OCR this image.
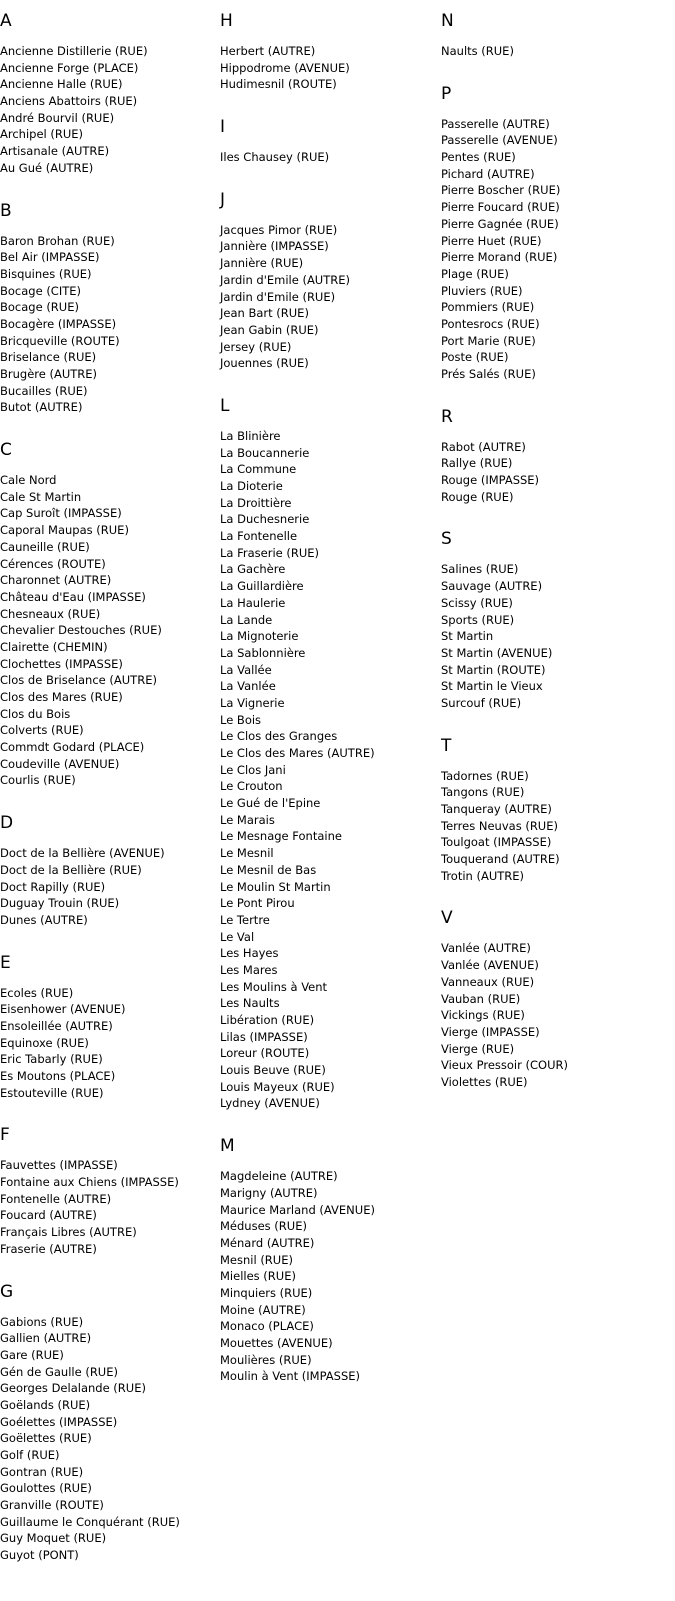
A
Ancienne Distillerie (RUE)
Ancienne Forge (PLACE)
Ancienne Halle (RUE)
Anciens Abattoirs (RUE)
André Bourvil (RUE)
Archipel (RUE)
Artisanale (AUTRE)
Au Gué (AUTRE)
B
Baron Brohan (RUE)
Bel Air (IMPASSE)
Bisquines (RUE)
Bocage (CITE)
Bocage (RUE)
Bocagère (IMPASSE)
Bricqueville (ROUTE)
Briselance (RUE)
Brugère (AUTRE)
Bucailles (RUE)
Butot (AUTRE)
C
Cale Nord
Cale St Martin
Cap Suroît (IMPASSE)
Caporal Maupas (RUE)
Cauneille (RUE)
Cérences (ROUTE)
Charonnet (AUTRE)
Château d'Eau (IMPASSE)
Chesneaux (RUE)
Chevalier Destouches (RUE)
Clairette (CHEMIN)
Clochettes (IMPASSE)
Clos de Briselance (AUTRE)
Clos des Mares (RUE)
Clos du Bois
Colverts (RUE)
Commdt Godard (PLACE)
Coudeville (AVENUE)
Courlis (RUE)
D
Doct de la Bellière (AVENUE)
Doct de la Bellière (RUE)
Doct Rapilly (RUE)
Duguay Trouin (RUE)
Dunes (AUTRE)
E
Ecoles (RUE)
Eisenhower (AVENUE)
Ensoleillée (AUTRE)
Equinoxe (RUE)
Eric Tabarly (RUE)
Es Moutons (PLACE)
Estouteville (RUE)
F
Fauvettes (IMPASSE)
Fontaine aux Chiens (IMPASSE)
Fontenelle (AUTRE)
Foucard (AUTRE)
Français Libres (AUTRE)
Fraserie (AUTRE)
G
Gabions (RUE)
Gallien (AUTRE)
Gare (RUE)
Gén de Gaulle (RUE)
Georges Delalande (RUE)
Goëlands (RUE)
Goélettes (IMPASSE)
Goëlettes (RUE)
Golf (RUE)
Gontran (RUE)
Goulottes (RUE)
Granville (ROUTE)
Guillaume le Conquérant (RUE)
Guy Moquet (RUE)
Guyot (PONT)
H
Herbert (AUTRE)
Hippodrome (AVENUE)
Hudimesnil (ROUTE)
I
Iles Chausey (RUE)
J
Jacques Pimor (RUE)
Jannière (IMPASSE)
Jannière (RUE)
Jardin d'Emile (AUTRE)
Jardin d'Emile (RUE)
Jean Bart (RUE)
Jean Gabin (RUE)
Jersey (RUE)
Jouennes (RUE)
L
La Blinière
La Boucannerie
La Commune
La Dioterie
La Droittière
La Duchesnerie
La Fontenelle
La Fraserie (RUE)
La Gachère
La Guillardière
La Haulerie
La Lande
La Mignoterie
La Sablonnière
La Vallée
La Vanlée
La Vignerie
Le Bois
Le Clos des Granges
Le Clos des Mares (AUTRE)
Le Clos Jani
Le Crouton
Le Gué de l'Epine
Le Marais
Le Mesnage Fontaine
Le Mesnil
Le Mesnil de Bas
Le Moulin St Martin
Le Pont Pirou
Le Tertre
Le Val
Les Hayes
Les Mares
Les Moulins à Vent
Les Naults
Libération (RUE)
Lilas (IMPASSE)
Loreur (ROUTE)
Louis Beuve (RUE)
Louis Mayeux (RUE)
Lydney (AVENUE)
M
Magdeleine (AUTRE)
Marigny (AUTRE)
Maurice Marland (AVENUE)
Méduses (RUE)
Ménard (AUTRE)
Mesnil (RUE)
Mielles (RUE)
Minquiers (RUE)
Moine (AUTRE)
Monaco (PLACE)
Mouettes (AVENUE)
Moulières (RUE)
Moulin à Vent (IMPASSE)
N
Naults (RUE)
P
Passerelle (AUTRE)
Passerelle (AVENUE)
Pentes (RUE)
Pichard (AUTRE)
Pierre Boscher (RUE)
Pierre Foucard (RUE)
Pierre Gagnée (RUE)
Pierre Huet (RUE)
Pierre Morand (RUE)
Plage (RUE)
Pluviers (RUE)
Pommiers (RUE)
Pontesrocs (RUE)
Port Marie (RUE)
Poste (RUE)
Prés Salés (RUE)
R
Rabot (AUTRE)
Rallye (RUE)
Rouge (IMPASSE)
Rouge (RUE)
S
Salines (RUE)
Sauvage (AUTRE)
Scissy (RUE)
Sports (RUE)
St Martin
St Martin (AVENUE)
St Martin (ROUTE)
St Martin le Vieux
Surcouf (RUE)
T
Tadornes (RUE)
Tangons (RUE)
Tanqueray (AUTRE)
Terres Neuvas (RUE)
Toulgoat (IMPASSE)
Touquerand (AUTRE)
Trotin (AUTRE)
V
Vanlée (AUTRE)
Vanlée (AVENUE)
Vanneaux (RUE)
Vauban (RUE)
Vickings (RUE)
Vierge (IMPASSE)
Vierge (RUE)
Vieux Pressoir (COUR)
Violettes (RUE)
